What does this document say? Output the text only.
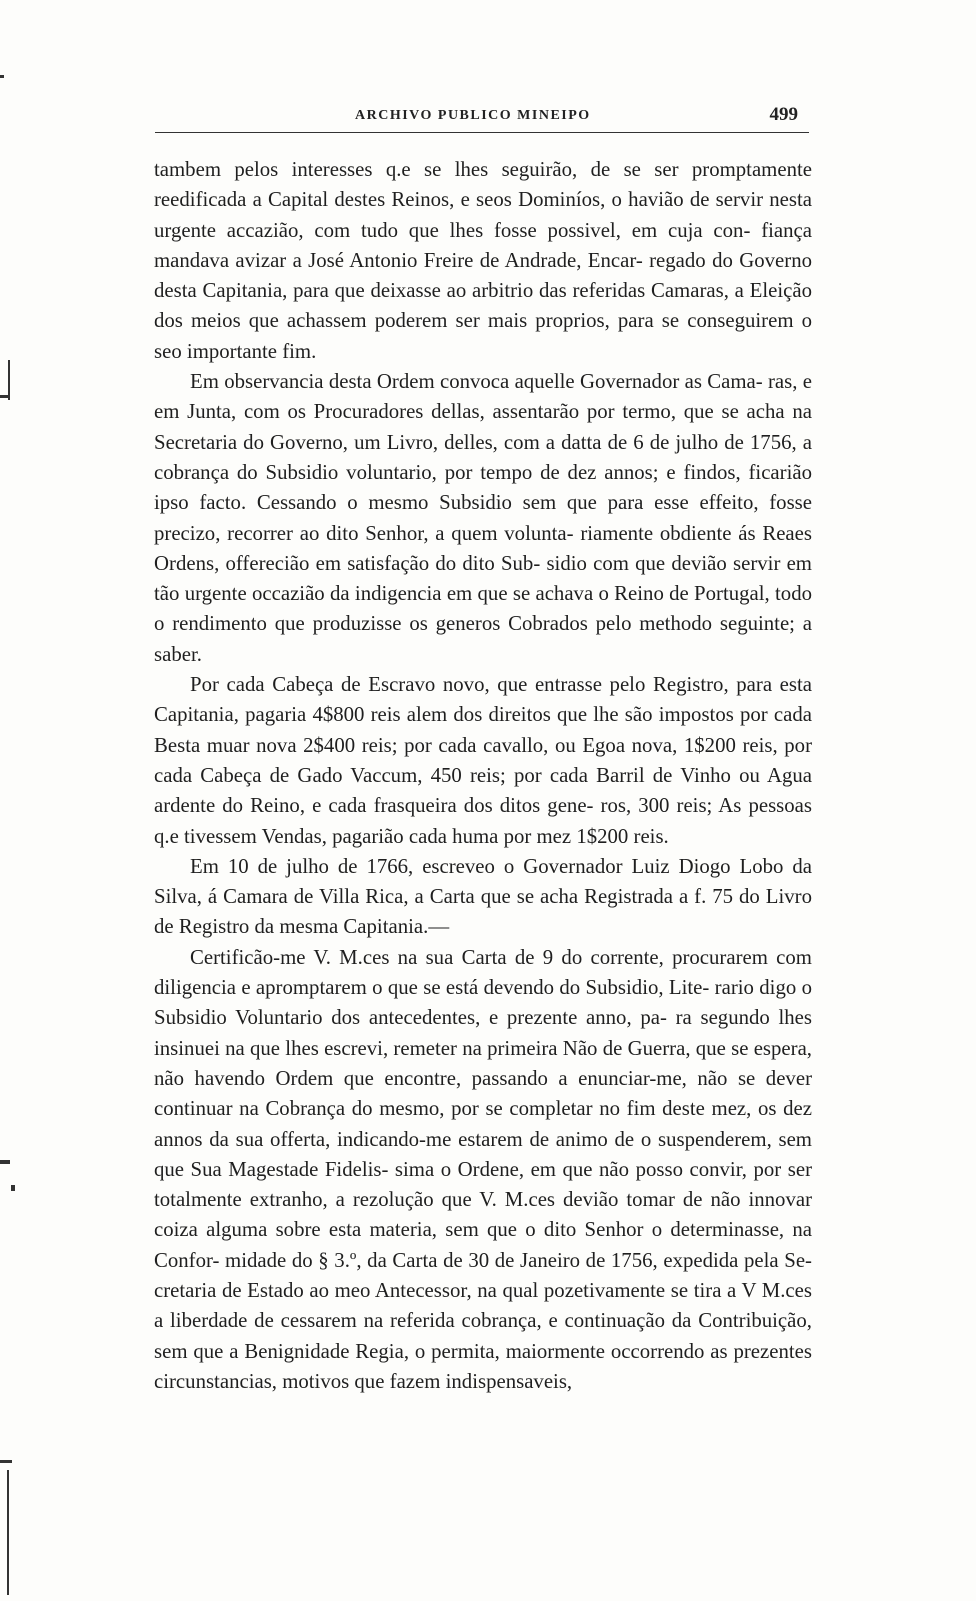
ARCHIVO PUBLICO MINEIPO	499

tambem pelos interesses q.e se lhes seguirão, de se ser promptamente reedificada a Capital destes Reinos, e seos Dominíos, o havião de servir nesta urgente accazião, com tudo que lhes fosse possivel, em cuja con- fiança mandava avizar a José Antonio Freire de Andrade, Encar- regado do Governo desta Capitania, para que deixasse ao arbitrio das referidas Camaras, a Eleição dos meios que achassem poderem ser mais proprios, para se conseguirem o seo importante fim.

Em observancia desta Ordem convoca aquelle Governador as Cama- ras, e em Junta, com os Procuradores dellas, assentarão por termo, que se acha na Secretaria do Governo, um Livro, delles, com a datta de 6 de julho de 1756, a cobrança do Subsidio voluntario, por tempo de dez annos; e findos, ficarião ipso facto. Cessando o mesmo Subsidio sem que para esse effeito, fosse precizo, recorrer ao dito Senhor, a quem volunta- riamente obdiente ás Reaes Ordens, offerecião em satisfação do dito Sub- sidio com que devião servir em tão urgente occazião da indigencia em que se achava o Reino de Portugal, todo o rendimento que produzisse os generos Cobrados pelo methodo seguinte; a saber.

Por cada Cabeça de Escravo novo, que entrasse pelo Registro, para esta Capitania, pagaria 4$800 reis alem dos direitos que lhe são impostos por cada Besta muar nova 2$400 reis; por cada cavallo, ou Egoa nova, 1$200 reis, por cada Cabeça de Gado Vaccum, 450 reis; por cada Barril de Vinho ou Agua ardente do Reino, e cada frasqueira dos ditos gene- ros, 300 reis; As pessoas q.e tivessem Vendas, pagarião cada huma por mez 1$200 reis.

Em 10 de julho de 1766, escreveo o Governador Luiz Diogo Lobo da Silva, á Camara de Villa Rica, a Carta que se acha Registrada a f. 75 do Livro de Registro da mesma Capitania.—

Certificão-me V. M.ces na sua Carta de 9 do corrente, procurarem com diligencia e apromptarem o que se está devendo do Subsidio, Lite- rario digo o Subsidio Voluntario dos antecedentes, e prezente anno, pa- ra segundo lhes insinuei na que lhes escrevi, remeter na primeira Não de Guerra, que se espera, não havendo Ordem que encontre, passando a enunciar-me, não se dever continuar na Cobrança do mesmo, por se completar no fim deste mez, os dez annos da sua offerta, indicando-me estarem de animo de o suspenderem, sem que Sua Magestade Fidelis- sima o Ordene, em que não posso convir, por ser totalmente extranho, a rezolução que V. M.ces devião tomar de não innovar coiza alguma sobre esta materia, sem que o dito Senhor o determinasse, na Confor- midade do § 3.º, da Carta de 30 de Janeiro de 1756, expedida pela Se- cretaria de Estado ao meo Antecessor, na qual pozetivamente se tira a V M.ces a liberdade de cessarem na referida cobrança, e continuação da Contribuição, sem que a Benignidade Regia, o permita, maiormente occorrendo as prezentes circunstancias, motivos que fazem indispensaveis,
